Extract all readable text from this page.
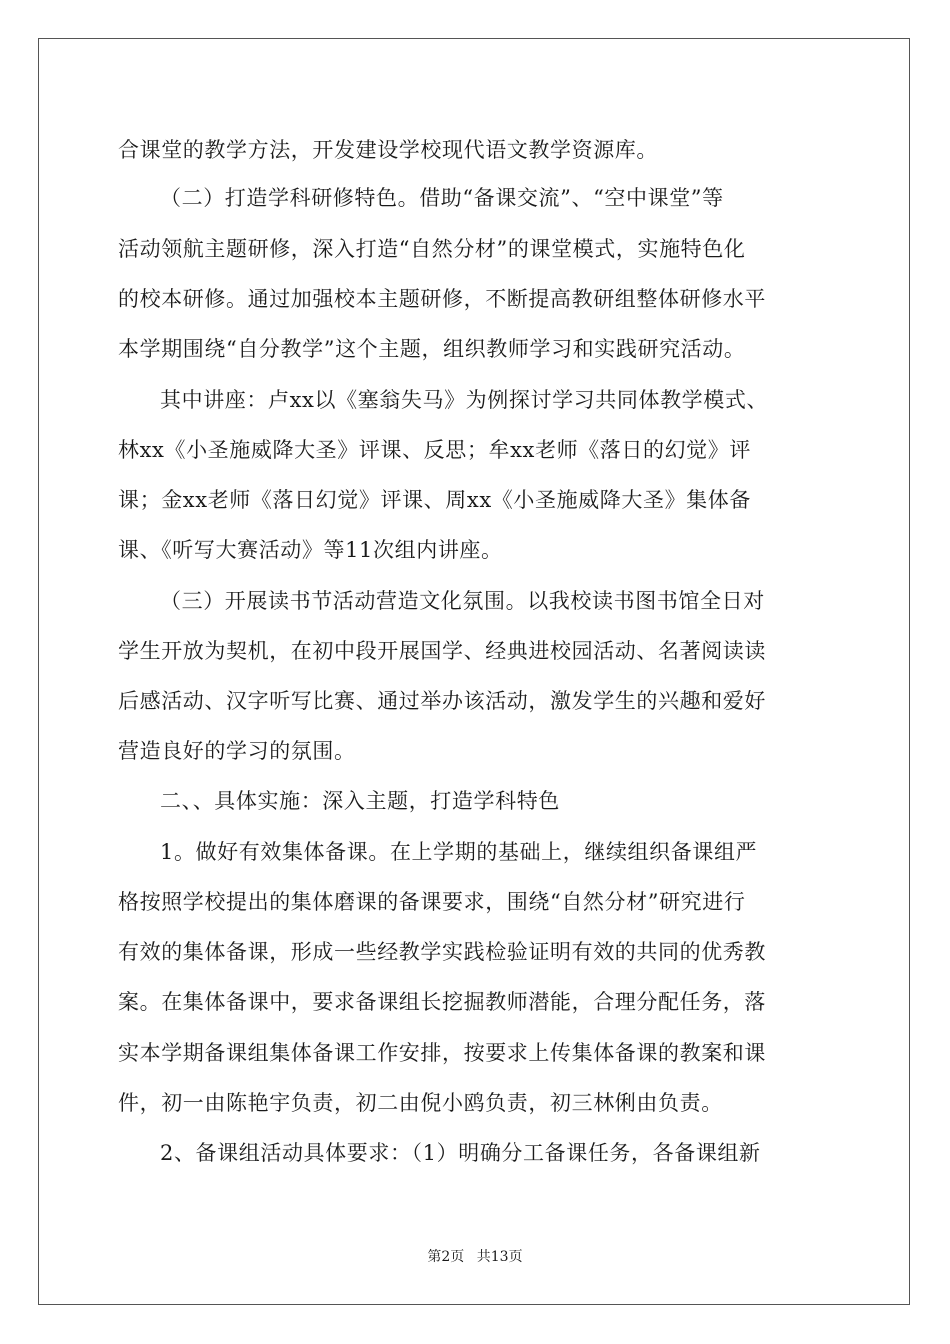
合课堂的教学方法，开发建设学校现代语文教学资源库。
（二）打造学科研修特色。借助“备课交流”、“空中课堂”等
活动领航主题研修，深入打造“自然分材”的课堂模式，实施特色化
的校本研修。通过加强校本主题研修，不断提高教研组整体研修水平
本学期围绕“自分教学”这个主题，组织教师学习和实践研究活动。
其中讲座：卢xx以《塞翁失马》为例探讨学习共同体教学模式、
林xx《小圣施威降大圣》评课、反思；牟xx老师《落日的幻觉》评
课；金xx老师《落日幻觉》评课、周xx《小圣施威降大圣》集体备
课、《听写大赛活动》等11次组内讲座。
（三）开展读书节活动营造文化氛围。以我校读书图书馆全日对
学生开放为契机，在初中段开展国学、经典进校园活动、名著阅读读
后感活动、汉字听写比赛、通过举办该活动，激发学生的兴趣和爱好
营造良好的学习的氛围。
二、、具体实施：深入主题，打造学科特色
1。做好有效集体备课。在上学期的基础上，继续组织备课组严
格按照学校提出的集体磨课的备课要求，围绕“自然分材”研究进行
有效的集体备课，形成一些经教学实践检验证明有效的共同的优秀教
案。在集体备课中，要求备课组长挖掘教师潜能，合理分配任务，落
实本学期备课组集体备课工作安排，按要求上传集体备课的教案和课
件，初一由陈艳宇负责，初二由倪小鸥负责，初三林俐由负责。
2、备课组活动具体要求：（1）明确分工备课任务，各备课组新
第2页 共13页
